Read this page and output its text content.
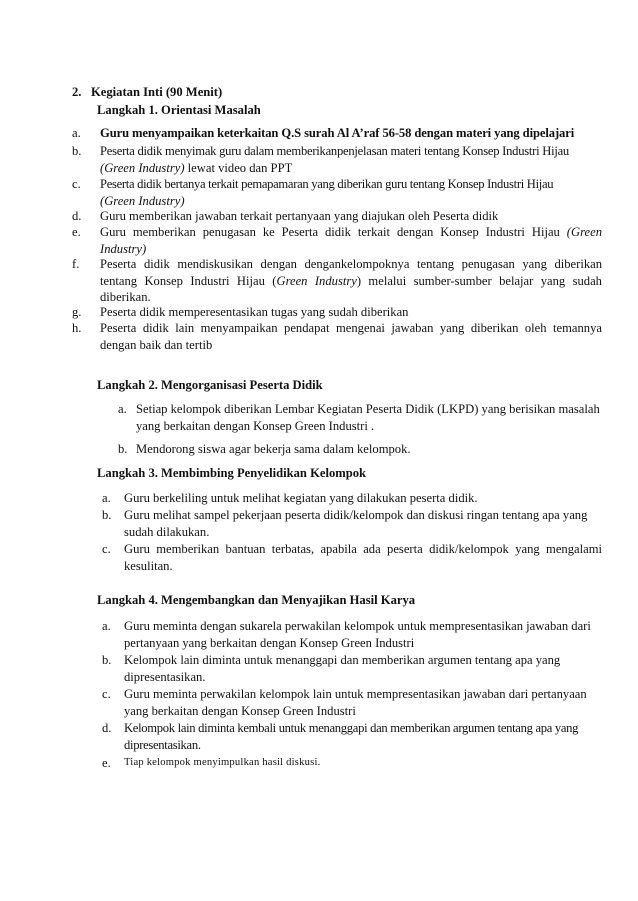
2. Kegiatan Inti (90 Menit)
Langkah 1. Orientasi Masalah
a.	Guru menyampaikan keterkaitan Q.S surah Al A’raf 56-58 dengan materi yang dipelajari
b.	Peserta didik menyimak guru dalam memberikanpenjelasan materi tentang Konsep Industri Hijau
(Green Industry) lewat video dan PPT
c.	Peserta didik bertanya terkait pemapamaran yang diberikan guru tentang Konsep Industri Hijau
(Green Industry)
d.	Guru memberikan jawaban terkait pertanyaan yang diajukan oleh Peserta didik
e.	Guru memberikan penugasan ke Peserta didik terkait dengan Konsep Industri Hijau (Green Industry)
f.	Peserta didik mendiskusikan dengan dengankelompoknya tentang penugasan yang diberikan tentang Konsep Industri Hijau (Green Industry) melalui sumber-sumber belajar yang sudah diberikan.
g.	Peserta didik memperesentasikan tugas yang sudah diberikan
h.	Peserta didik lain menyampaikan pendapat mengenai jawaban yang diberikan oleh temannya dengan baik dan tertib
Langkah 2. Mengorganisasi Peserta Didik
a. Setiap kelompok diberikan Lembar Kegiatan Peserta Didik (LKPD) yang berisikan masalah yang berkaitan dengan Konsep Green Industri .
b. Mendorong siswa agar bekerja sama dalam kelompok.
Langkah 3. Membimbing Penyelidikan Kelompok
a.	Guru berkeliling untuk melihat kegiatan yang dilakukan peserta didik.
b. Guru melihat sampel pekerjaan peserta didik/kelompok dan diskusi ringan tentang apa yang sudah dilakukan.
c.	Guru memberikan bantuan terbatas, apabila ada peserta didik/kelompok yang mengalami kesulitan.
Langkah 4. Mengembangkan dan Menyajikan Hasil Karya
a.	Guru meminta dengan sukarela perwakilan kelompok untuk mempresentasikan jawaban dari pertanyaan yang berkaitan dengan Konsep Green Industri
b. Kelompok lain diminta untuk menanggapi dan memberikan argumen tentang apa yang dipresentasikan.
c.	Guru meminta perwakilan kelompok lain untuk mempresentasikan jawaban dari pertanyaan yang berkaitan dengan Konsep Green Industri
d. Kelompok lain diminta kembali untuk menanggapi dan memberikan argumen tentang apa yang dipresentasikan.
e.	Tiap kelompok menyimpulkan hasil diskusi.
